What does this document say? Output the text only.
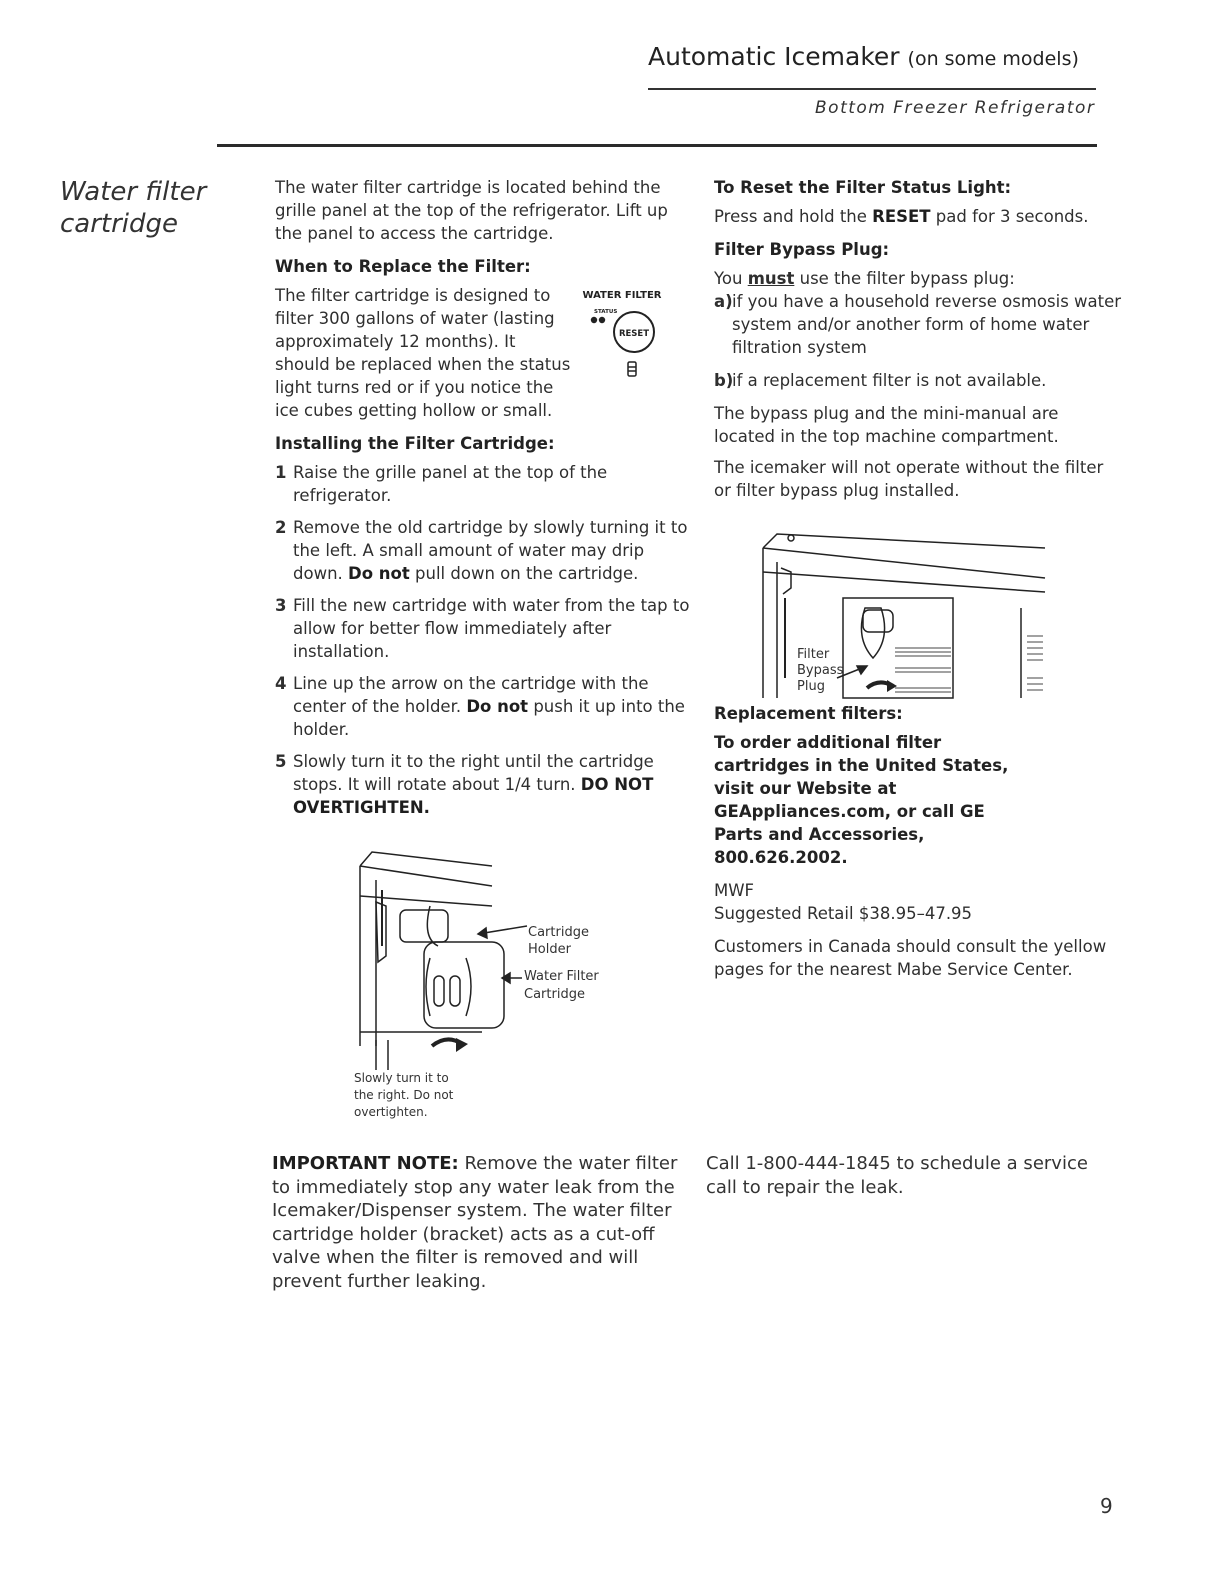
Automatic Icemaker (on some models)
Bottom Freezer Refrigerator
Water filter cartridge

The water filter cartridge is located behind the grille panel at the top of the refrigerator. Lift up the panel to access the cartridge.

When to Replace the Filter:

The filter cartridge is designed to filter 300 gallons of water (lasting approximately 12 months). It should be replaced when the status light turns red or if you notice the ice cubes getting hollow or small.

Installing the Filter Cartridge:

1 Raise the grille panel at the top of the refrigerator.
2 Remove the old cartridge by slowly turning it to the left. A small amount of water may drip down. Do not pull down on the cartridge.
3 Fill the new cartridge with water from the tap to allow for better flow immediately after installation.
4 Line up the arrow on the cartridge with the center of the holder. Do not push it up into the holder.
5 Slowly turn it to the right until the cartridge stops. It will rotate about 1/4 turn. DO NOT OVERTIGHTEN.
WATER FILTER
STATUS
RESET
Cartridge
Holder
Water Filter
Cartridge
Slowly turn it to
the right. Do not
overtighten.

To Reset the Filter Status Light:

Press and hold the RESET pad for 3 seconds.

Filter Bypass Plug:

You must use the filter bypass plug:

a) if you have a household reverse osmosis water system and/or another form of home water filtration system
b)
if a replacement filter is not available.

The bypass plug and the mini-manual are located in the top machine compartment.

The icemaker will not operate without the filter or filter bypass plug installed.

Replacement filters:

To order additional filter cartridges in the United States, visit our Website at GEAppliances.com, or call GE Parts and Accessories, 800.626.2002.

MWF

Suggested Retail $38.95–47.95

Customers in Canada should consult the yellow pages for the nearest Mabe Service Center.

Filter
Bypass
Plug
IMPORTANT NOTE: Remove the water filter to immediately stop any water leak from the Icemaker/Dispenser system. The water filter cartridge holder (bracket) acts as a cut-off valve when the filter is removed and will prevent further leaking.
Call 1-800-444-1845 to schedule a service call to repair the leak.
9
